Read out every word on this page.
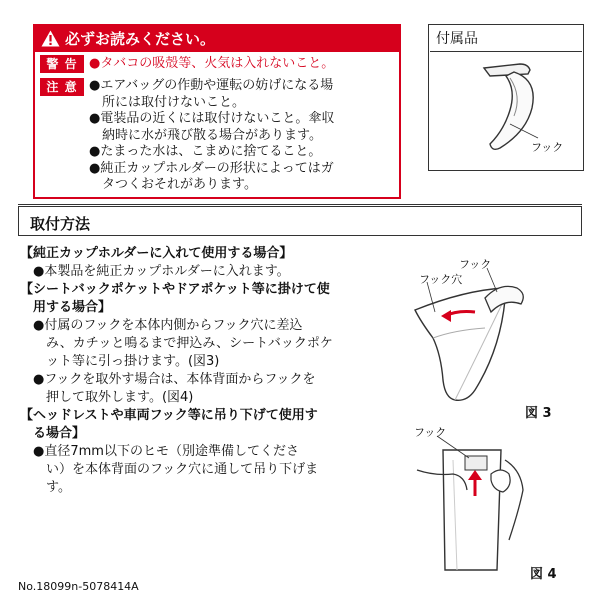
必ずお読みください。
警 告 ●タバコの吸殻等、火気は入れないこと。
注 意 ●エアバッグの作動や運転の妨げになる場
　所には取付けないこと。
●電装品の近くには取付けないこと。傘収
　納時に水が飛び散る場合があります。
●たまった水は、こまめに捨てること。
●純正カップホルダーの形状によってはガ
　タつくおそれがあります。
付属品
フック
取付方法
【純正カップホルダーに入れて使用する場合】
　●本製品を純正カップホルダーに入れます。
【シートバックポケットやドアポケット等に掛けて使
　用する場合】
　●付属のフックを本体内側からフック穴に差込
　　み、カチッと鳴るまで押込み、シートバックポケ
　　ット等に引っ掛けます。(図3)
　●フックを取外す場合は、本体背面からフックを
　　押して取外します。(図4)
【ヘッドレストや車両フック等に吊り下げて使用す
　る場合】
　●直径7mm以下のヒモ（別途準備してくださ
　　い）を本体背面のフック穴に通して吊り下げま
　　す。
フック
フック穴
図 3
フック
図 4
No.18099n-5078414A
